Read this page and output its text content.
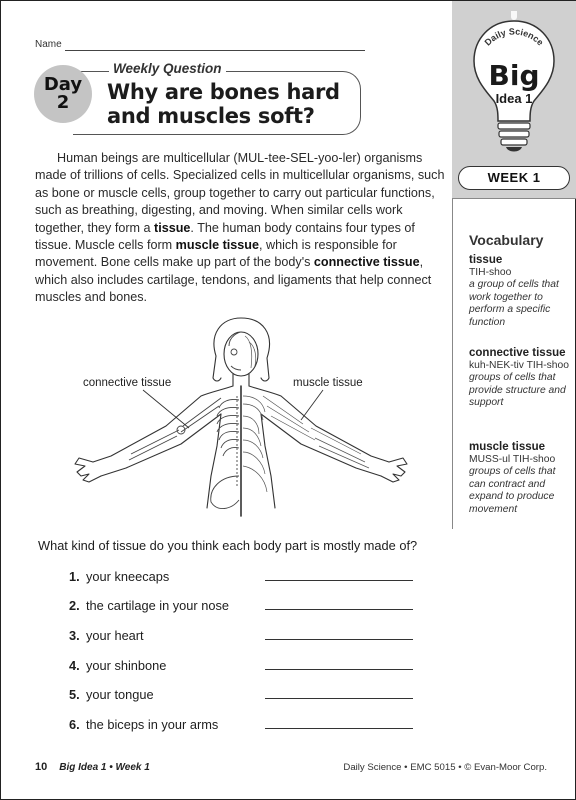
Name
Day
2
Weekly Question
Why are bones hard
and muscles soft?

Human beings are multicellular (MUL-tee-SEL-yoo-ler) organisms made of trillions of cells. Specialized cells in multicellular organisms, such as bone or muscle cells, group together to carry out particular functions, such as breathing, digesting, and moving. When similar cells work together, they form a tissue. The human body contains four types of tissue. Muscle cells form muscle tissue, which is responsible for movement. Bone cells make up part of the body's connective tissue, which also includes cartilage, tendons, and ligaments that help connect muscles and bones.

connective tissue	muscle tissue
Daily Science
Big
Idea 1
WEEK 1
Vocabulary
tissue
TIH-shoo
a group of cells that work together to perform a specific function
connective tissue
kuh-NEK-tiv TIH-shoo
groups of cells that provide structure and support
muscle tissue
MUSS-ul TIH-shoo
groups of cells that can contract and expand to produce movement
What kind of tissue do you think each body part is mostly made of?
1. your kneecaps
2. the cartilage in your nose
3. your heart
4. your shinbone
5. your tongue
6. the biceps in your arms
10 Big Idea 1 • Week 1	Daily Science • EMC 5015 • © Evan-Moor Corp.
